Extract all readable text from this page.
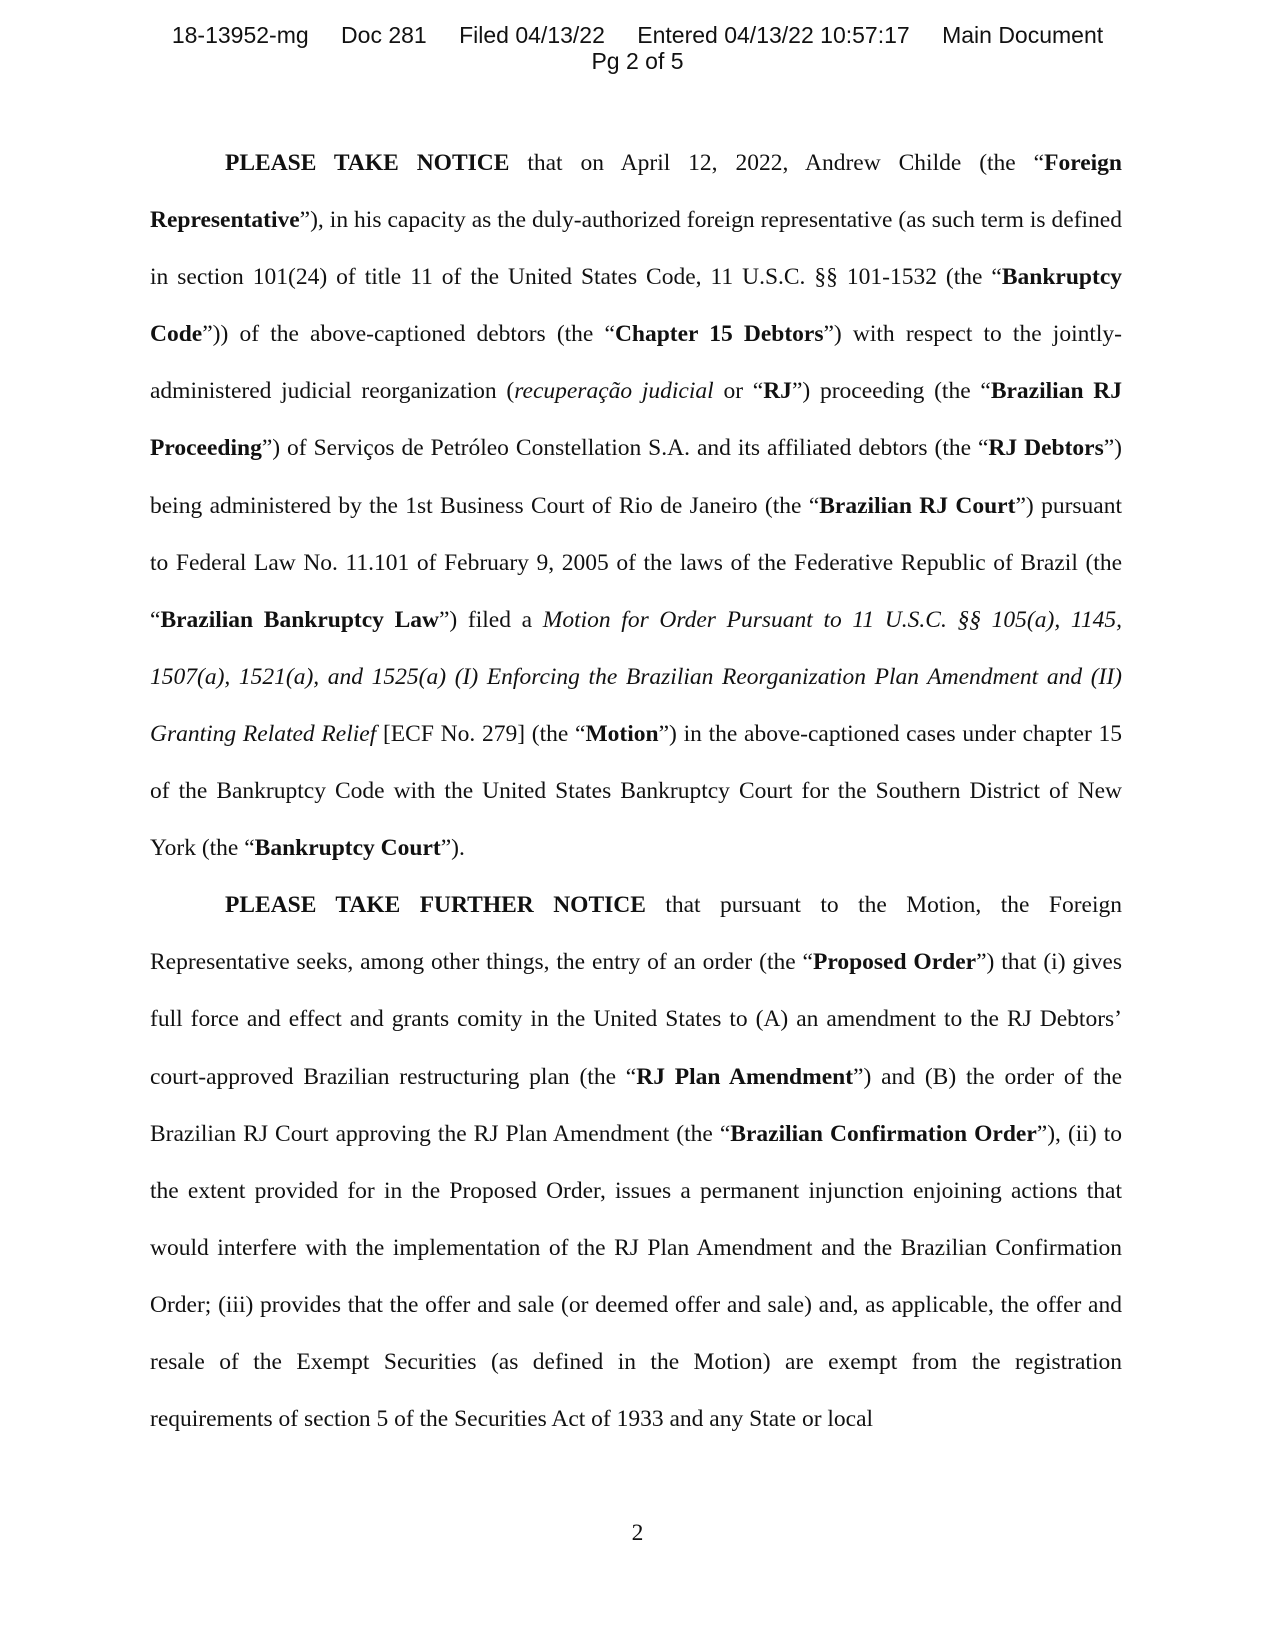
18-13952-mg Doc 281 Filed 04/13/22 Entered 04/13/22 10:57:17 Main Document
Pg 2 of 5

PLEASE TAKE NOTICE that on April 12, 2022, Andrew Childe (the “Foreign Representative”), in his capacity as the duly-authorized foreign representative (as such term is defined in section 101(24) of title 11 of the United States Code, 11 U.S.C. §§ 101-1532 (the “Bankruptcy Code”)) of the above-captioned debtors (the “Chapter 15 Debtors”) with respect to the jointly-administered judicial reorganization (recuperação judicial or “RJ”) proceeding (the “Brazilian RJ Proceeding”) of Serviços de Petróleo Constellation S.A. and its affiliated debtors (the “RJ Debtors”) being administered by the 1st Business Court of Rio de Janeiro (the “Brazilian RJ Court”) pursuant to Federal Law No. 11.101 of February 9, 2005 of the laws of the Federative Republic of Brazil (the “Brazilian Bankruptcy Law”) filed a Motion for Order Pursuant to 11 U.S.C. §§ 105(a), 1145, 1507(a), 1521(a), and 1525(a) (I) Enforcing the Brazilian Reorganization Plan Amendment and (II) Granting Related Relief [ECF No. 279] (the “Motion”) in the above-captioned cases under chapter 15 of the Bankruptcy Code with the United States Bankruptcy Court for the Southern District of New York (the “Bankruptcy Court”).

PLEASE TAKE FURTHER NOTICE that pursuant to the Motion, the Foreign Representative seeks, among other things, the entry of an order (the “Proposed Order”) that (i) gives full force and effect and grants comity in the United States to (A) an amendment to the RJ Debtors’ court-approved Brazilian restructuring plan (the “RJ Plan Amendment”) and (B) the order of the Brazilian RJ Court approving the RJ Plan Amendment (the “Brazilian Confirmation Order”), (ii) to the extent provided for in the Proposed Order, issues a permanent injunction enjoining actions that would interfere with the implementation of the RJ Plan Amendment and the Brazilian Confirmation Order; (iii) provides that the offer and sale (or deemed offer and sale) and, as applicable, the offer and resale of the Exempt Securities (as defined in the Motion) are exempt from the registration requirements of section 5 of the Securities Act of 1933 and any State or local

2
